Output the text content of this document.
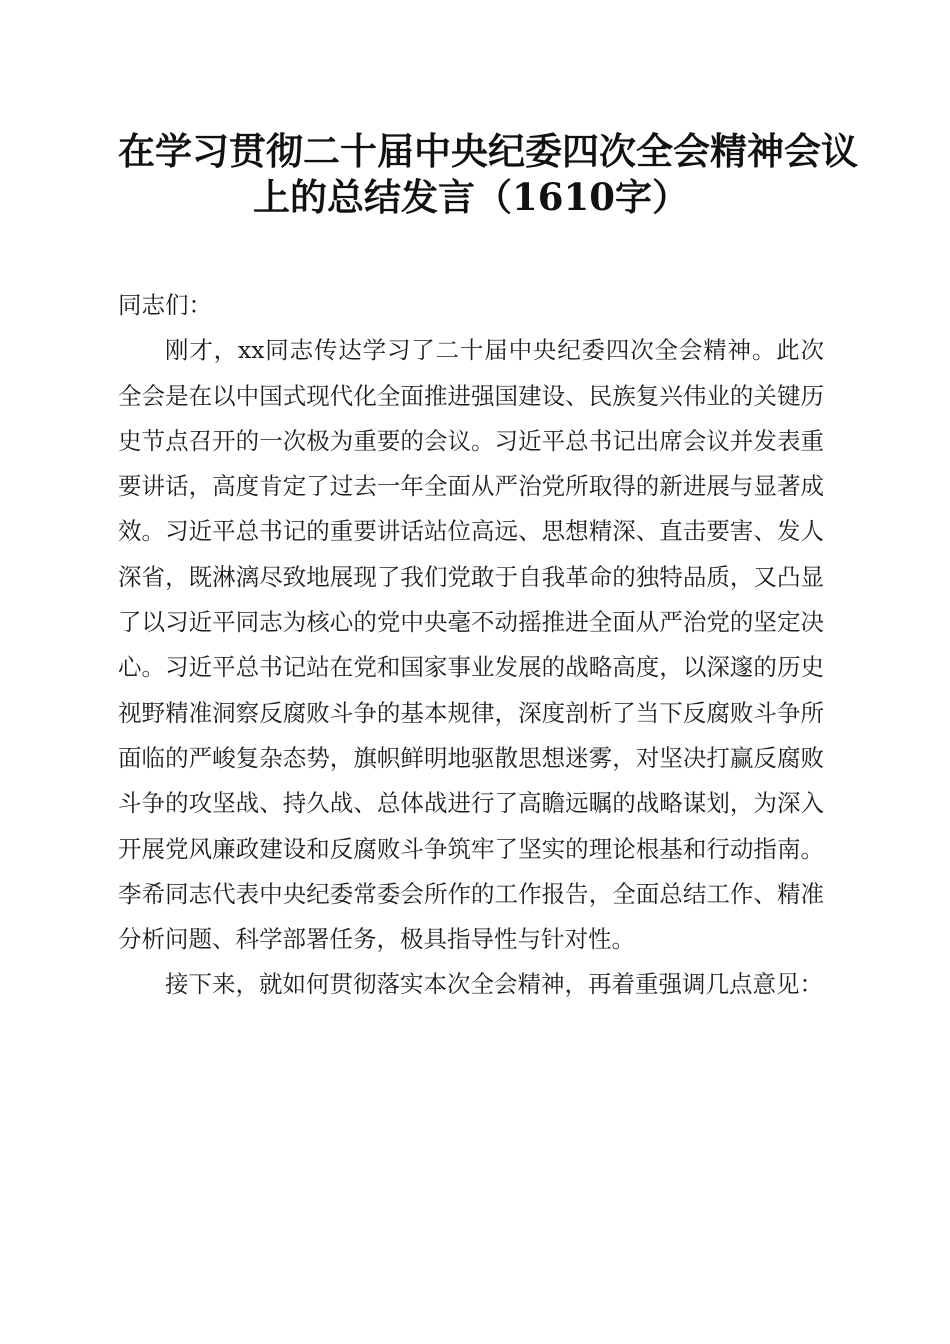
在学习贯彻二十届中央纪委四次全会精神会议
上的总结发言（1610字）

同志们：

刚才，xx同志传达学习了二十届中央纪委四次全会精神。此次全会是在以中国式现代化全面推进强国建设、民族复兴伟业的关键历史节点召开的一次极为重要的会议。习近平总书记出席会议并发表重要讲话，高度肯定了过去一年全面从严治党所取得的新进展与显著成效。习近平总书记的重要讲话站位高远、思想精深、直击要害、发人深省，既淋漓尽致地展现了我们党敢于自我革命的独特品质，又凸显了以习近平同志为核心的党中央毫不动摇推进全面从严治党的坚定决心。习近平总书记站在党和国家事业发展的战略高度，以深邃的历史视野精准洞察反腐败斗争的基本规律，深度剖析了当下反腐败斗争所面临的严峻复杂态势，旗帜鲜明地驱散思想迷雾，对坚决打赢反腐败斗争的攻坚战、持久战、总体战进行了高瞻远瞩的战略谋划，为深入开展党风廉政建设和反腐败斗争筑牢了坚实的理论根基和行动指南。李希同志代表中央纪委常委会所作的工作报告，全面总结工作、精准分析问题、科学部署任务，极具指导性与针对性。

接下来，就如何贯彻落实本次全会精神，再着重强调几点意见：
